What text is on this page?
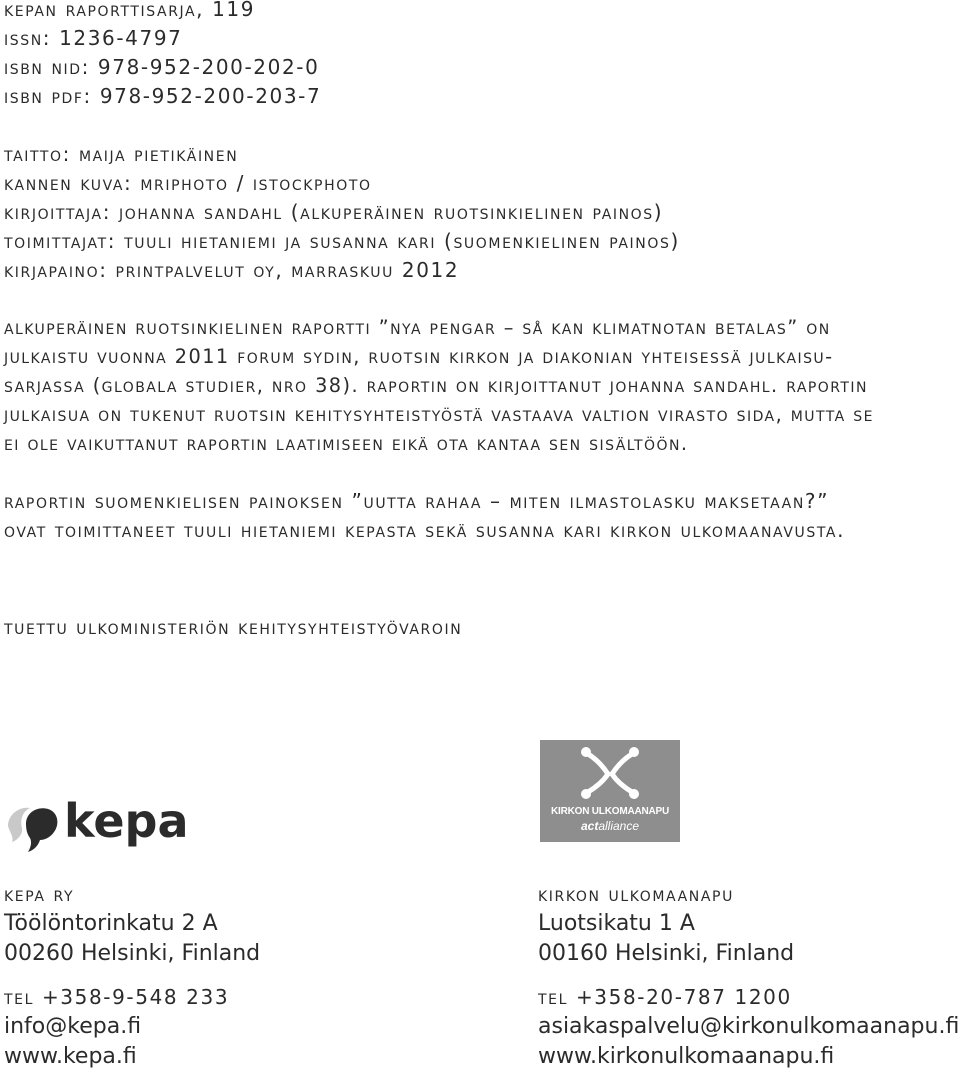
kepan raporttisarja, 119
issn: 1236-4797
isbn nid: 978-952-200-202-0
isbn pdf: 978-952-200-203-7
taitto: maija pietikäinen
kannen kuva: mriphoto / istockphoto
kirjoittaja: johanna sandahl (alkuperäinen ruotsinkielinen painos)
toimittajat: tuuli hietaniemi ja susanna kari (suomenkielinen painos)
kirjapaino: printpalvelut oy, marraskuu 2012
alkuperäinen ruotsinkielinen raportti ”nya pengar – så kan klimatnotan betalas” on
julkaistu vuonna 2011 forum sydin, ruotsin kirkon ja diakonian yhteisessä julkaisu-
sarjassa (globala studier, nro 38). raportin on kirjoittanut johanna sandahl. raportin
julkaisua on tukenut ruotsin kehitysyhteistyöstä vastaava valtion virasto sida, mutta se
ei ole vaikuttanut raportin laatimiseen eikä ota kantaa sen sisältöön.
raportin suomenkielisen painoksen ”uutta rahaa – miten ilmastolasku maksetaan?”
ovat toimittaneet tuuli hietaniemi kepasta sekä susanna kari kirkon ulkomaanavusta.
tuettu ulkoministeriön kehitysyhteistyövaroin
kepa	KIRKON ULKOMAANAPU
actalliance
kepa ry
Töölöntorinkatu 2 A
00260 Helsinki, Finland
tel +358-9-548 233
info@kepa.fi
www.kepa.fi
kirkon ulkomaanapu
Luotsikatu 1 A
00160 Helsinki, Finland
tel +358-20-787 1200
asiakaspalvelu@kirkonulkomaanapu.fi
www.kirkonulkomaanapu.fi
